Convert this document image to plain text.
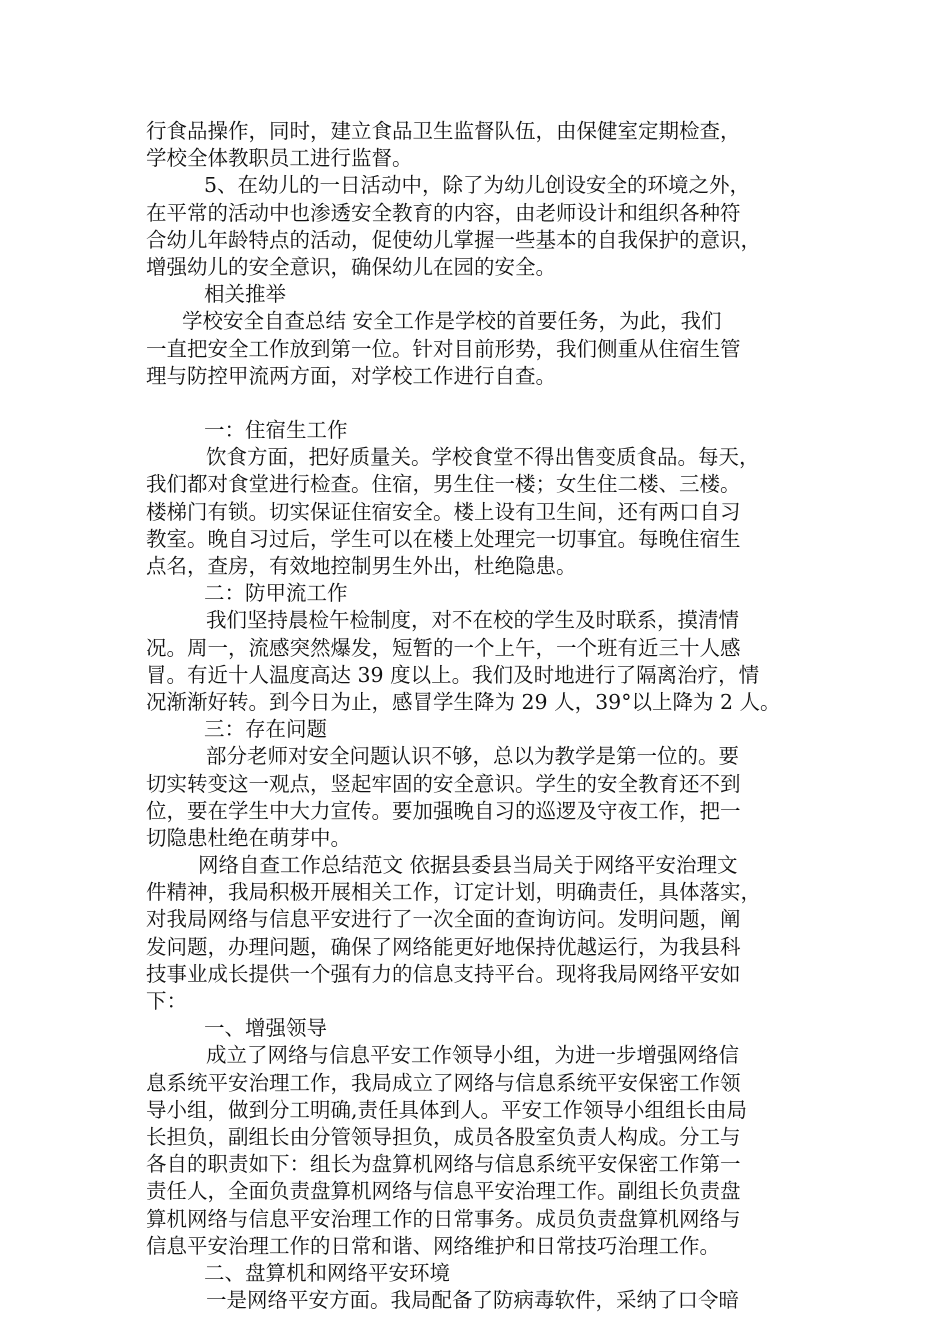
行食品操作，同时，建立食品卫生监督队伍，由保健室定期检查，
学校全体教职员工进行监督。
5、在幼儿的一日活动中，除了为幼儿创设安全的环境之外，
在平常的活动中也渗透安全教育的内容，由老师设计和组织各种符
合幼儿年龄特点的活动，促使幼儿掌握一些基本的自我保护的意识，
增强幼儿的安全意识，确保幼儿在园的安全。
相关推举
学校安全自查总结 安全工作是学校的首要任务，为此，我们
一直把安全工作放到第一位。针对目前形势，我们侧重从住宿生管
理与防控甲流两方面，对学校工作进行自查。
一：住宿生工作
饮食方面，把好质量关。学校食堂不得出售变质食品。每天，
我们都对食堂进行检查。住宿，男生住一楼；女生住二楼、三楼。
楼梯门有锁。切实保证住宿安全。楼上设有卫生间，还有两口自习
教室。晚自习过后，学生可以在楼上处理完一切事宜。每晚住宿生
点名，查房，有效地控制男生外出，杜绝隐患。
二：防甲流工作
我们坚持晨检午检制度，对不在校的学生及时联系，摸清情
况。周一，流感突然爆发，短暂的一个上午，一个班有近三十人感
冒。有近十人温度高达 39 度以上。我们及时地进行了隔离治疗，情
况渐渐好转。到今日为止，感冒学生降为 29 人，39°以上降为 2 人。
三：存在问题
部分老师对安全问题认识不够，总以为教学是第一位的。要
切实转变这一观点，竖起牢固的安全意识。学生的安全教育还不到
位，要在学生中大力宣传。要加强晚自习的巡逻及守夜工作，把一
切隐患杜绝在萌芽中。
网络自查工作总结范文 依据县委县当局关于网络平安治理文
件精神，我局积极开展相关工作，订定计划，明确责任，具体落实，
对我局网络与信息平安进行了一次全面的查询访问。发明问题，阐
发问题，办理问题，确保了网络能更好地保持优越运行，为我县科
技事业成长提供一个强有力的信息支持平台。现将我局网络平安如
下：
一、增强领导
成立了网络与信息平安工作领导小组，为进一步增强网络信
息系统平安治理工作，我局成立了网络与信息系统平安保密工作领
导小组，做到分工明确,责任具体到人。平安工作领导小组组长由局
长担负，副组长由分管领导担负，成员各股室负责人构成。分工与
各自的职责如下：组长为盘算机网络与信息系统平安保密工作第一
责任人，全面负责盘算机网络与信息平安治理工作。副组长负责盘
算机网络与信息平安治理工作的日常事务。成员负责盘算机网络与
信息平安治理工作的日常和谐、网络维护和日常技巧治理工作。
二、盘算机和网络平安环境
一是网络平安方面。我局配备了防病毒软件，采纳了口令暗
